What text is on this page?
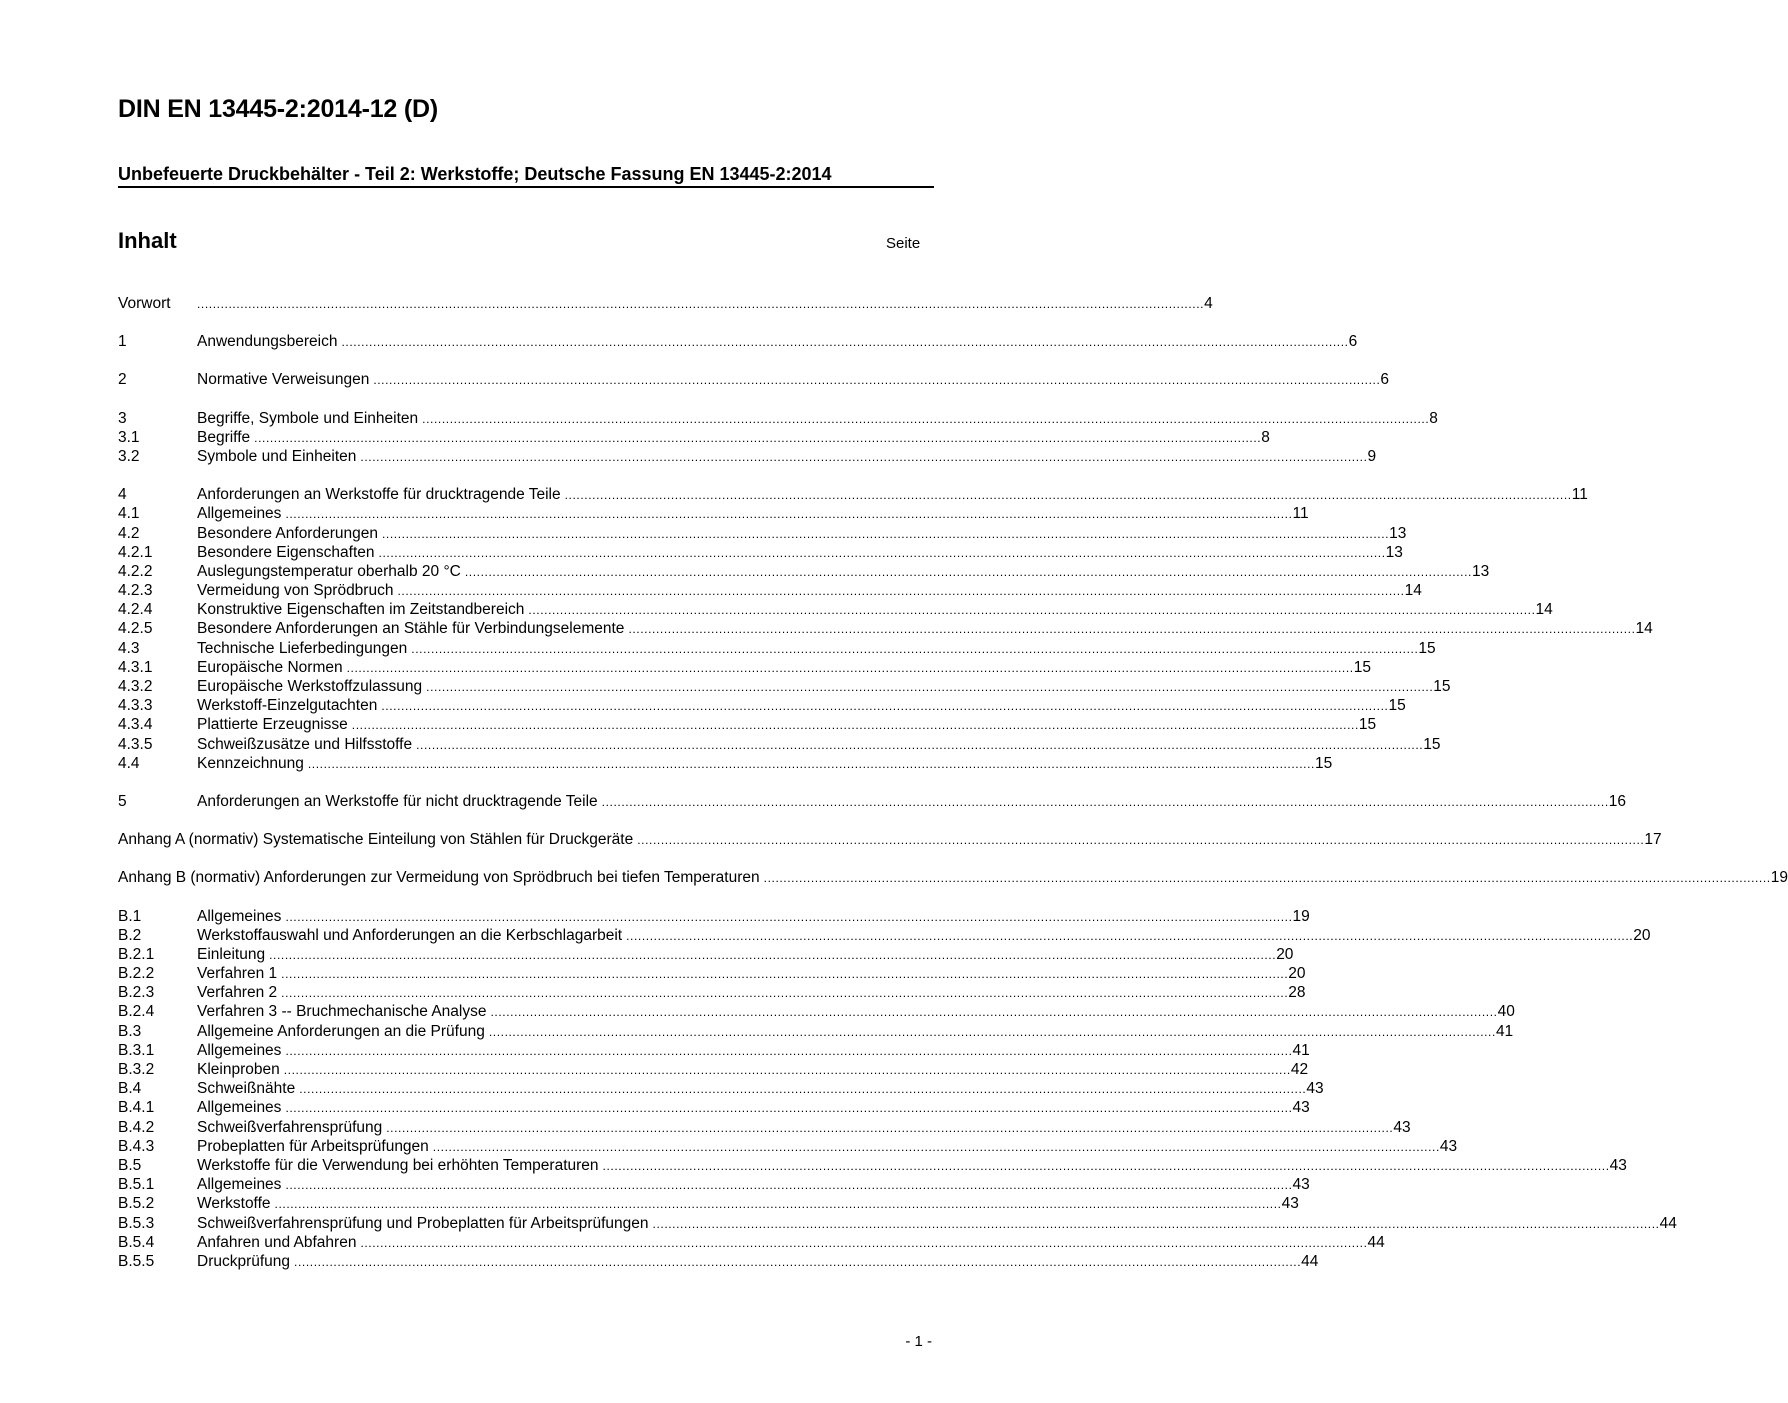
DIN EN 13445-2:2014-12 (D)
Unbefeuerte Druckbehälter - Teil 2: Werkstoffe; Deutsche Fassung EN 13445-2:2014
Inhalt	Seite
Vorwort .....	4
1	Anwendungsbereich .....	6
2	Normative Verweisungen .....	6
3	Begriffe, Symbole und Einheiten .....	8
3.1	Begriffe .....	8
3.2	Symbole und Einheiten .....	9
4	Anforderungen an Werkstoffe für drucktragende Teile .....	11
4.1	Allgemeines .....	11
4.2	Besondere Anforderungen .....	13
4.2.1	Besondere Eigenschaften .....	13
4.2.2	Auslegungstemperatur oberhalb 20 °C .....	13
4.2.3	Vermeidung von Sprödbruch .....	14
4.2.4	Konstruktive Eigenschaften im Zeitstandbereich .....	14
4.2.5	Besondere Anforderungen an Stähle für Verbindungselemente .....	14
4.3	Technische Lieferbedingungen .....	15
4.3.1	Europäische Normen .....	15
4.3.2	Europäische Werkstoffzulassung .....	15
4.3.3	Werkstoff-Einzelgutachten .....	15
4.3.4	Plattierte Erzeugnisse .....	15
4.3.5	Schweißzusätze und Hilfsstoffe .....	15
4.4	Kennzeichnung .....	15
5	Anforderungen an Werkstoffe für nicht drucktragende Teile .....	16
Anhang A (normativ) Systematische Einteilung von Stählen für Druckgeräte .....	17
Anhang B (normativ) Anforderungen zur Vermeidung von Sprödbruch bei tiefen Temperaturen .....	19
B.1	Allgemeines .....	19
B.2	Werkstoffauswahl und Anforderungen an die Kerbschlagarbeit .....	20
B.2.1	Einleitung .....	20
B.2.2	Verfahren 1 .....	20
B.2.3	Verfahren 2 .....	28
B.2.4	Verfahren 3 -- Bruchmechanische Analyse .....	40
B.3	Allgemeine Anforderungen an die Prüfung .....	41
B.3.1	Allgemeines .....	41
B.3.2	Kleinproben .....	42
B.4	Schweißnähte .....	43
B.4.1	Allgemeines .....	43
B.4.2	Schweißverfahrensprüfung .....	43
B.4.3	Probeplatten für Arbeitsprüfungen .....	43
B.5	Werkstoffe für die Verwendung bei erhöhten Temperaturen .....	43
B.5.1	Allgemeines .....	43
B.5.2	Werkstoffe .....	43
B.5.3	Schweißverfahrensprüfung und Probeplatten für Arbeitsprüfungen .....	44
B.5.4	Anfahren und Abfahren .....	44
B.5.5	Druckprüfung .....	44
- 1 -
